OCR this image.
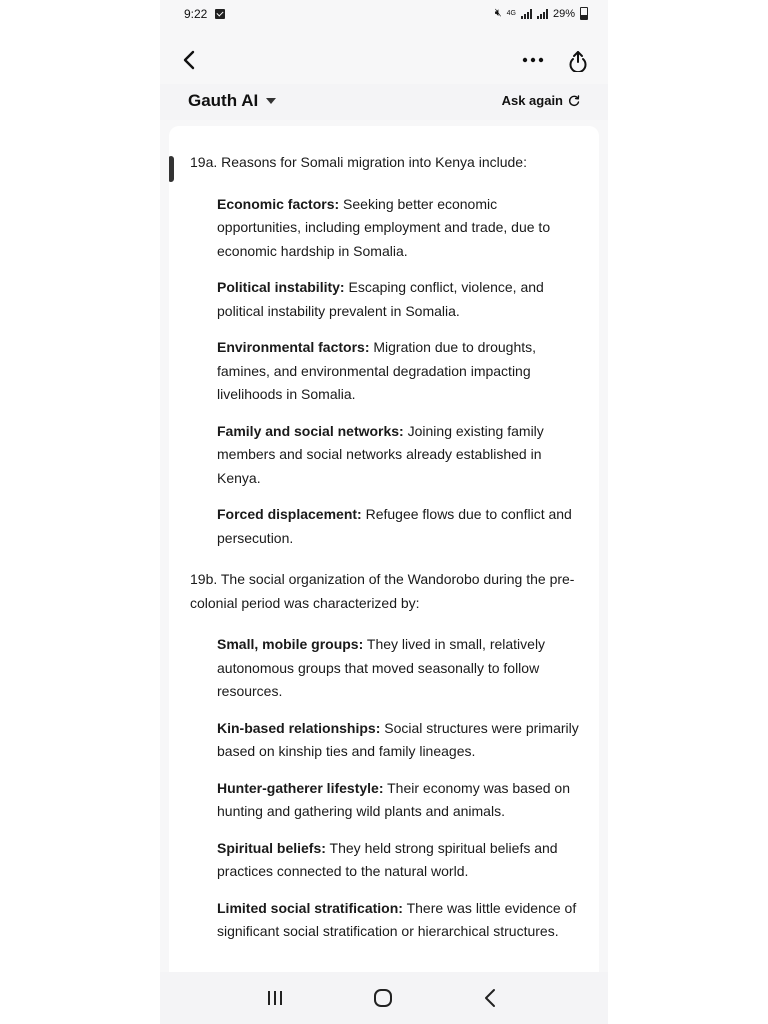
9:22	🔇︎ 4G	29%
Gauth AI	Ask again
19a. Reasons for Somali migration into Kenya include:
Economic factors: Seeking better economic opportunities, including employment and trade, due to economic hardship in Somalia.
Political instability: Escaping conflict, violence, and political instability prevalent in Somalia.
Environmental factors: Migration due to droughts, famines, and environmental degradation impacting livelihoods in Somalia.
Family and social networks: Joining existing family members and social networks already established in Kenya.
Forced displacement: Refugee flows due to conflict and persecution.
19b. The social organization of the Wandorobo during the pre-colonial period was characterized by:
Small, mobile groups: They lived in small, relatively autonomous groups that moved seasonally to follow resources.
Kin-based relationships: Social structures were primarily based on kinship ties and family lineages.
Hunter-gatherer lifestyle: Their economy was based on hunting and gathering wild plants and animals.
Spiritual beliefs: They held strong spiritual beliefs and practices connected to the natural world.
Limited social stratification: There was little evidence of significant social stratification or hierarchical structures.
